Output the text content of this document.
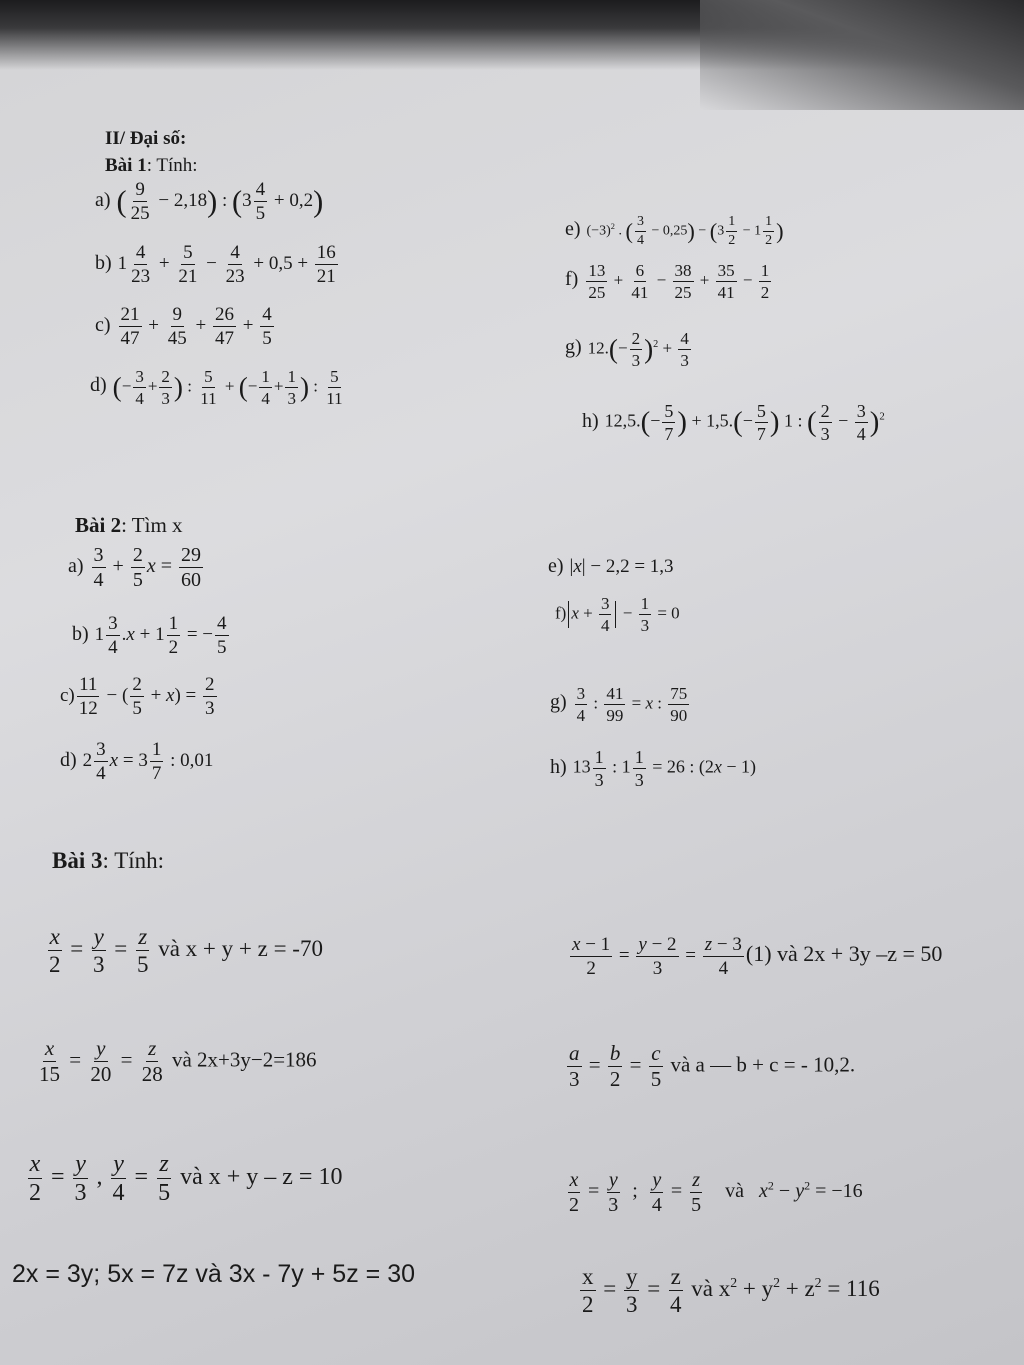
II/ Đại số:
Bài 1: Tính:
a) ( $\frac{9}{25} - 2,18$) : $(3 \frac{4}{5} + 0,2)$
b) $1 \frac{4}{23} + \frac{5}{21} - \frac{4}{23} + 0,5 + \frac{16}{21}$
$c) \frac{21}{47} + \frac{9}{45} + \frac{26}{47} + \frac{4}{5}$
d) (− $\frac{3}{4} + \frac{2}{3}$ ) : $\frac{5}{11}$ + (− $\frac{1}{4} + \frac{1}{3}$ ) : $\frac{5}{11}$
e) $(-3)^2$ . ( $\frac{3}{4} - 0,25) - (3 \frac{1}{2} - 1 \frac{1}{2}$ )
$f) \frac{13}{25} + \frac{6}{41} - \frac{38}{25} + \frac{35}{41} - \frac{1}{2}$
g) $12.(- \frac{2}{3} )^2 + \frac{4}{3}$
h) $12,5.(- \frac{5}{7}$ ) + $1,5.(- \frac{5}{7}$ ) 1 : ( $\frac{2}{3} - \frac{3}{4} )^2$
Bài 2: Tìm x
$a) \frac{3}{4} + \frac{2}{5}$ $x = \frac{29}{60}$
b) $1 \frac{3}{4} .x + 1 \frac{1}{2}$ = − $\frac{4}{5}$
$c) \frac{11}{12}$ − ( $\frac{2}{5} + x) = \frac{2}{3}$
d) $2 \frac{3}{4}$ $x = 3 \frac{1}{7}$ : 0,01
e) |x| − 2,2 = 1,3
f) $x + \frac{3}{4} - \frac{1}{3} = 0$
$g) \frac{3}{4}$ : $\frac{41}{99} = x$ : $\frac{75}{90}$
h) $13 \frac{1}{3}$ : $1 \frac{1}{3} = 26$ : (2x − 1)
Bài 3: Tính:
$\frac{x}{2} = \frac{y}{3} = \frac{z}{5}$ và x + y + z = -70	$\frac{x - 1}{2} = \frac{y - 2}{3} = \frac{z - 3}{4} (1)$ và 2x + 3y –z = 50
$\frac{x}{15} = \frac{y}{20} = \frac{z}{28}$ và 2x+3y−2=186	$\frac{a}{3} = \frac{b}{2} = \frac{c}{5}$ và a — b + c = - 10,2.
$\frac{x}{2} = \frac{y}{3}$ , $\frac{y}{4} = \frac{z}{5}$ và x + y – z = 10	$\frac{x}{2} = \frac{y}{3}$ ; $\frac{y}{4} = \frac{z}{5}$ và $x^2 - y^2 = -16$
2x = 3y; 5x = 7z và 3x - 7y + 5z = 30	$\frac{x}{2} = \frac{y}{3} = \frac{z}{4}$ và $x^2 + y^2 + z^2 = 116$
